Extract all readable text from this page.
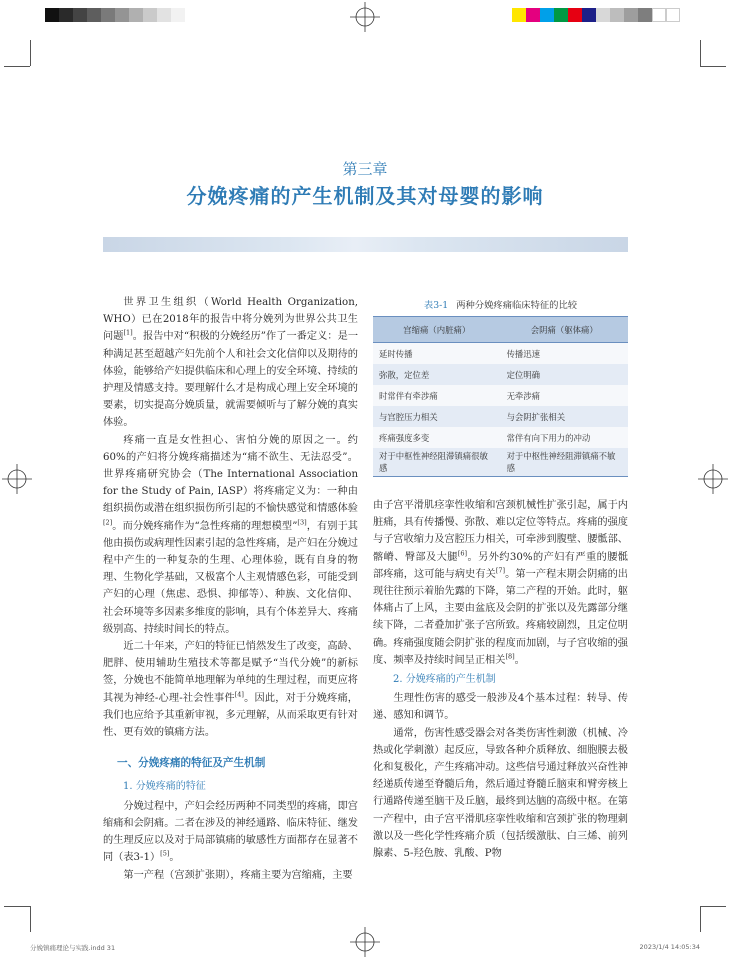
第三章
分娩疼痛的产生机制及其对母婴的影响

世界卫生组织（World Health Organization, WHO）已在2018年的报告中将分娩列为世界公共卫生问题[1]。报告中对“积极的分娩经历”作了一番定义：是一种满足甚至超越产妇先前个人和社会文化信仰以及期待的体验，能够给产妇提供临床和心理上的安全环境、持续的护理及情感支持。要理解什么才是构成心理上安全环境的要素，切实提高分娩质量，就需要倾听与了解分娩的真实体验。

疼痛一直是女性担心、害怕分娩的原因之一。约60%的产妇将分娩疼痛描述为“痛不欲生、无法忍受”。世界疼痛研究协会（The International Association for the Study of Pain, IASP）将疼痛定义为：一种由组织损伤或潜在组织损伤所引起的不愉快感觉和情感体验[2]。而分娩疼痛作为“急性疼痛的理想模型”[3]，有别于其他由损伤或病理性因素引起的急性疼痛，是产妇在分娩过程中产生的一种复杂的生理、心理体验，既有自身的物理、生物化学基础，又极富个人主观情感色彩，可能受到产妇的心理（焦虑、恐惧、抑郁等）、种族、文化信仰、社会环境等多因素多维度的影响，具有个体差异大、疼痛级别高、持续时间长的特点。

近二十年来，产妇的特征已悄然发生了改变，高龄、肥胖、使用辅助生殖技术等都是赋予“当代分娩”的新标签，分娩也不能简单地理解为单纯的生理过程，而更应将其视为神经-心理-社会性事件[4]。因此，对于分娩疼痛，我们也应给予其重新审视，多元理解，从而采取更有针对性、更有效的镇痛方法。

一、分娩疼痛的特征及产生机制
1. 分娩疼痛的特征

分娩过程中，产妇会经历两种不同类型的疼痛，即宫缩痛和会阴痛。二者在涉及的神经通路、临床特征、继发的生理反应以及对于局部镇痛的敏感性方面都存在显著不同（表3-1）[5]。

第一产程（宫颈扩张期），疼痛主要为宫缩痛，主要

表3-1 两种分娩疼痛临床特征的比较
宫缩痛（内脏痛）	会阴痛（躯体痛）
延时传播	传播迅速
弥散，定位差	定位明确
时常伴有牵涉痛	无牵涉痛
与宫腔压力相关	与会阴扩张相关
疼痛强度多变	常伴有向下用力的冲动
对于中枢性神经阻滞镇痛很敏感	对于中枢性神经阻滞镇痛不敏感

由子宫平滑肌痉挛性收缩和宫颈机械性扩张引起，属于内脏痛，具有传播慢、弥散、难以定位等特点。疼痛的强度与子宫收缩力及宫腔压力相关，可牵涉到腹壁、腰骶部、髂嵴、臀部及大腿[6]。另外约30%的产妇有严重的腰骶部疼痛，这可能与病史有关[7]。第一产程末期会阴痛的出现往往预示着胎先露的下降，第二产程的开始。此时，躯体痛占了上风，主要由盆底及会阴的扩张以及先露部分继续下降，二者叠加扩张子宫所致。疼痛较剧烈，且定位明确。疼痛强度随会阴扩张的程度而加剧，与子宫收缩的强度、频率及持续时间呈正相关[8]。

2. 分娩疼痛的产生机制

生理性伤害的感受一般涉及4个基本过程：转导、传递、感知和调节。

通常，伤害性感受器会对各类伤害性刺激（机械、冷热或化学刺激）起反应，导致各种介质释放、细胞膜去极化和复极化，产生疼痛冲动。这些信号通过释放兴奋性神经递质传递至脊髓后角，然后通过脊髓丘脑束和臂旁核上行通路传递至脑干及丘脑，最终到达脑的高级中枢。在第一产程中，由子宫平滑肌痉挛性收缩和宫颈扩张的物理刺激以及一些化学性疼痛介质（包括缓激肽、白三烯、前列腺素、5-羟色胺、乳酸、P物

分娩镇痛理论与实践.indd 31	2023/1/4 14:05:34
